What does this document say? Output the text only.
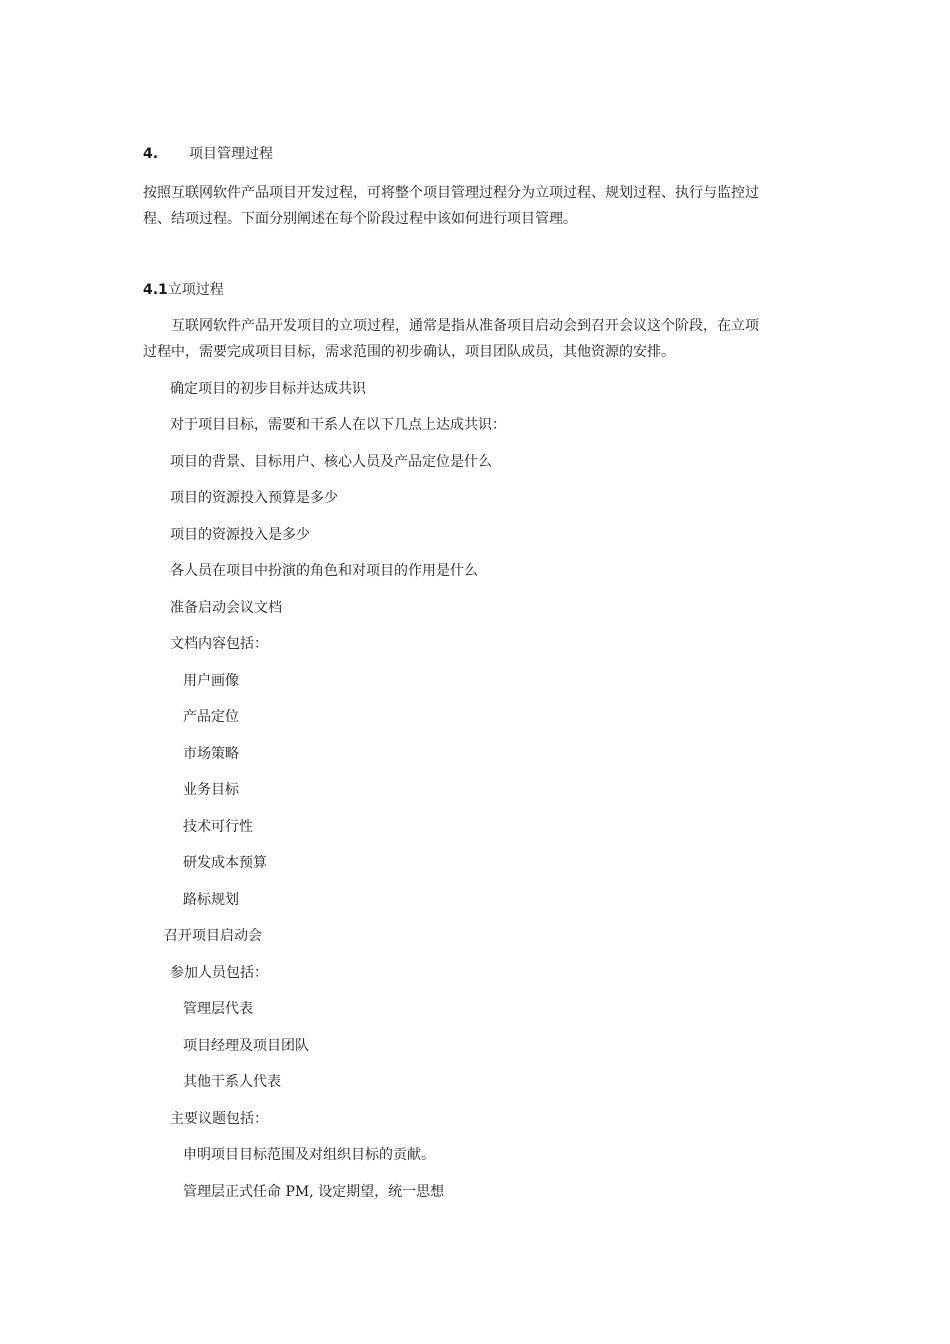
4. 项目管理过程
按照互联网软件产品项目开发过程，可将整个项目管理过程分为立项过程、规划过程、执行与监控过
程、结项过程。下面分别阐述在每个阶段过程中该如何进行项目管理。
4.1立项过程
互联网软件产品开发项目的立项过程，通常是指从准备项目启动会到召开会议这个阶段，在立项
过程中，需要完成项目目标，需求范围的初步确认，项目团队成员，其他资源的安排。
确定项目的初步目标并达成共识
对于项目目标，需要和干系人在以下几点上达成共识：
项目的背景、目标用户、核心人员及产品定位是什么
项目的资源投入预算是多少
项目的资源投入是多少
各人员在项目中扮演的角色和对项目的作用是什么
准备启动会议文档
文档内容包括：
用户画像
产品定位
市场策略
业务目标
技术可行性
研发成本预算
路标规划
召开项目启动会
参加人员包括：
管理层代表
项目经理及项目团队
其他干系人代表
主要议题包括：
申明项目目标范围及对组织目标的贡献。
管理层正式任命 PM, 设定期望，统一思想
